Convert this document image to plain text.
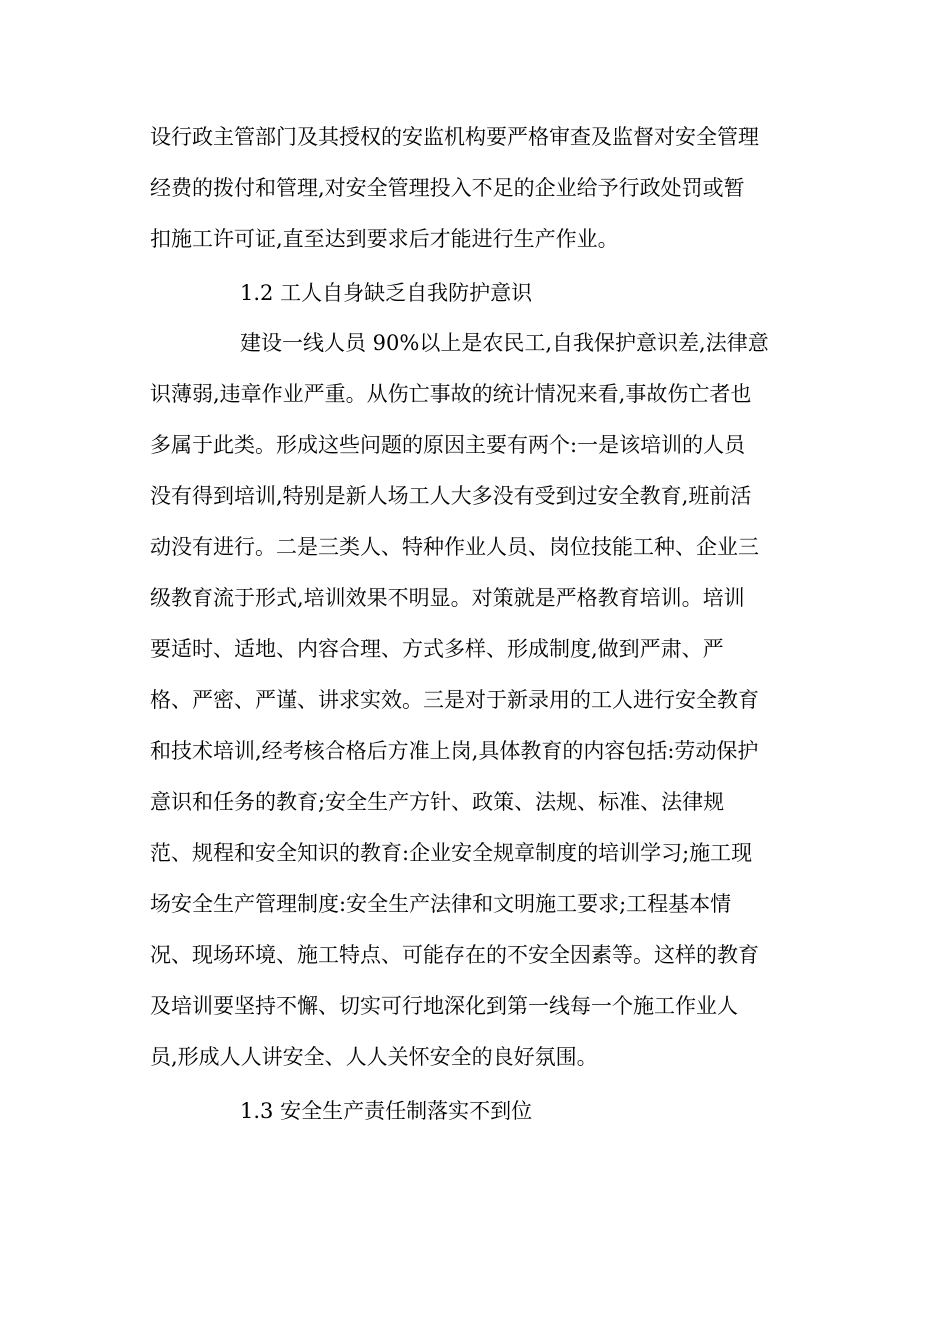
设行政主管部门及其授权的安监机构要严格审查及监督对安全管理
经费的拨付和管理,对安全管理投入不足的企业给予行政处罚或暂
扣施工许可证,直至达到要求后才能进行生产作业。
1.2 工人自身缺乏自我防护意识
建设一线人员 90%以上是农民工,自我保护意识差,法律意
识薄弱,违章作业严重。从伤亡事故的统计情况来看,事故伤亡者也
多属于此类。形成这些问题的原因主要有两个:一是该培训的人员
没有得到培训,特别是新人场工人大多没有受到过安全教育,班前活
动没有进行。二是三类人、特种作业人员、岗位技能工种、企业三
级教育流于形式,培训效果不明显。对策就是严格教育培训。培训
要适时、适地、内容合理、方式多样、形成制度,做到严肃、严
格、严密、严谨、讲求实效。三是对于新录用的工人进行安全教育
和技术培训,经考核合格后方准上岗,具体教育的内容包括:劳动保护
意识和任务的教育;安全生产方针、政策、法规、标准、法律规
范、规程和安全知识的教育:企业安全规章制度的培训学习;施工现
场安全生产管理制度:安全生产法律和文明施工要求;工程基本情
况、现场环境、施工特点、可能存在的不安全因素等。这样的教育
及培训要坚持不懈、切实可行地深化到第一线每一个施工作业人
员,形成人人讲安全、人人关怀安全的良好氛围。
1.3 安全生产责任制落实不到位
